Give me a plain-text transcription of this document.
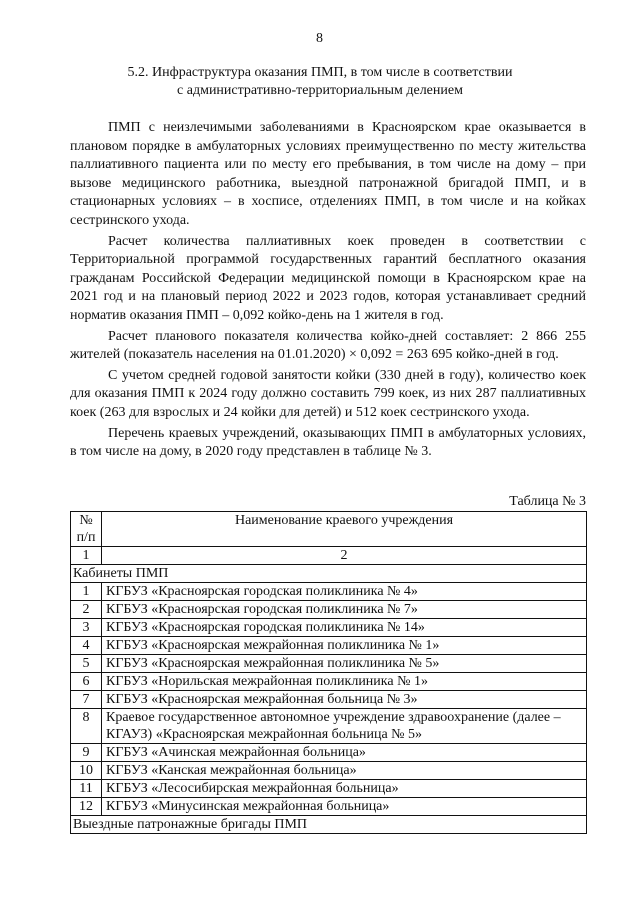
8
5.2. Инфраструктура оказания ПМП, в том числе в соответствии
с административно-территориальным делением

ПМП с неизлечимыми заболеваниями в Красноярском крае оказывается в плановом порядке в амбулаторных условиях преимущественно по месту жительства паллиативного пациента или по месту его пребывания, в том числе на дому – при вызове медицинского работника, выездной патронажной бригадой ПМП, и в стационарных условиях – в хосписе, отделениях ПМП, в том числе и на койках сестринского ухода.

Расчет количества паллиативных коек проведен в соответствии с Территориальной программой государственных гарантий бесплатного оказания гражданам Российской Федерации медицинской помощи в Красноярском крае на 2021 год и на плановый период 2022 и 2023 годов, которая устанавливает средний норматив оказания ПМП – 0,092 койко-день на 1 жителя в год.

Расчет планового показателя количества койко-дней составляет: 2 866 255 жителей (показатель населения на 01.01.2020) × 0,092 = 263 695 койко-дней в год.

С учетом средней годовой занятости койки (330 дней в году), количество коек для оказания ПМП к 2024 году должно составить 799 коек, из них 287 паллиативных коек (263 для взрослых и 24 койки для детей) и 512 коек сестринского ухода.

Перечень краевых учреждений, оказывающих ПМП в амбулаторных условиях, в том числе на дому, в 2020 году представлен в таблице № 3.

Таблица № 3
№ п/п	Наименование краевого учреждения
1	2
Кабинеты ПМП	
1	КГБУЗ «Красноярская городская поликлиника № 4»
2	КГБУЗ «Красноярская городская поликлиника № 7»
3	КГБУЗ «Красноярская городская поликлиника № 14»
4	КГБУЗ «Красноярская межрайонная поликлиника № 1»
5	КГБУЗ «Красноярская межрайонная поликлиника № 5»
6	КГБУЗ «Норильская межрайонная поликлиника № 1»
7	КГБУЗ «Красноярская межрайонная больница № 3»
8	Краевое государственное автономное учреждение здравоохранение (далее – КГАУЗ) «Красноярская межрайонная больница № 5»
9	КГБУЗ «Ачинская межрайонная больница»
10	КГБУЗ «Канская межрайонная больница»
11	КГБУЗ «Лесосибирская межрайонная больница»
12	КГБУЗ «Минусинская межрайонная больница»
Выездные патронажные бригады ПМП	
